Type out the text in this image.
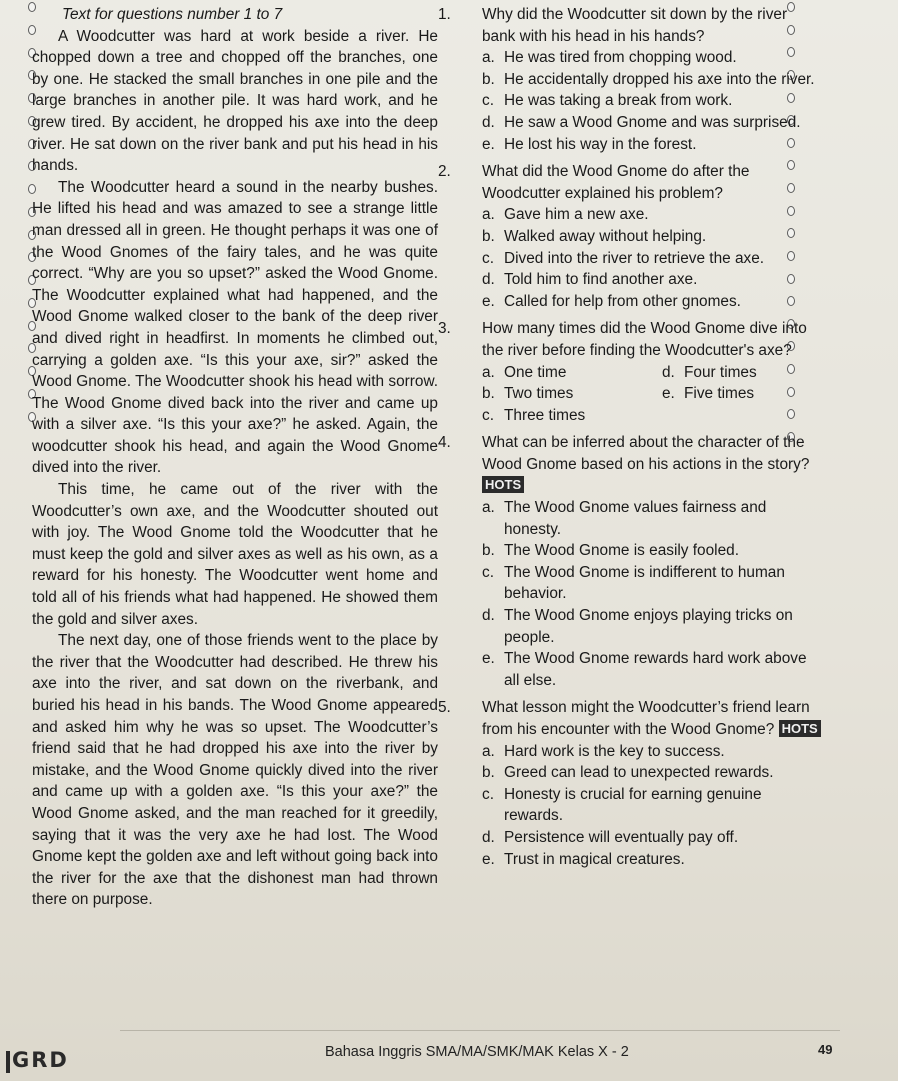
Text for questions number 1 to 7

A Woodcutter was hard at work beside a river. He chopped down a tree and chopped off the branches, one by one. He stacked the small branches in one pile and the large branches in another pile. It was hard work, and he grew tired. By accident, he dropped his axe into the deep river. He sat down on the river bank and put his head in his hands.

The Woodcutter heard a sound in the nearby bushes. He lifted his head and was amazed to see a strange little man dressed all in green. He thought perhaps it was one of the Wood Gnomes of the fairy tales, and he was quite correct. “Why are you so upset?” asked the Wood Gnome. The Woodcutter explained what had happened, and the Wood Gnome walked closer to the bank of the deep river and dived right in headfirst. In moments he climbed out, carrying a golden axe. “Is this your axe, sir?” asked the Wood Gnome. The Woodcutter shook his head with sorrow. The Wood Gnome dived back into the river and came up with a silver axe. “Is this your axe?” he asked. Again, the woodcutter shook his head, and again the Wood Gnome dived into the river.

This time, he came out of the river with the Woodcutter’s own axe, and the Woodcutter shouted out with joy. The Wood Gnome told the Woodcutter that he must keep the gold and silver axes as well as his own, as a reward for his honesty. The Woodcutter went home and told all of his friends what had happened. He showed them the gold and silver axes.

The next day, one of those friends went to the place by the river that the Woodcutter had described. He threw his axe into the river, and sat down on the riverbank, and buried his head in his bands. The Wood Gnome appeared and asked him why he was so upset. The Woodcutter’s friend said that he had dropped his axe into the river by mistake, and the Wood Gnome quickly dived into the river and came up with a golden axe. “Is this your axe?” the Wood Gnome asked, and the man reached for it greedily, saying that it was the very axe he had lost. The Wood Gnome kept the golden axe and left without going back into the river for the axe that the dishonest man had thrown there on purpose.

1.	Why did the Woodcutter sit down by the river bank with his head in his hands?

a. He was tired from chopping wood.

b. He accidentally dropped his axe into the river.

c. He was taking a break from work.

d. He saw a Wood Gnome and was surprised.

e. He lost his way in the forest.

2.	What did the Wood Gnome do after the Woodcutter explained his problem?

a. Gave him a new axe.

b. Walked away without helping.

c. Dived into the river to retrieve the axe.

d. Told him to find another axe.

e. Called for help from other gnomes.

3.	How many times did the Wood Gnome dive into the river before finding the Woodcutter's axe?

a. One time	d. Four times

b. Two times	e. Five times

c. Three times

4.	What can be inferred about the character of the Wood Gnome based on his actions in the story? HOTS

a. The Wood Gnome values fairness and honesty.

b. The Wood Gnome is easily fooled.

c. The Wood Gnome is indifferent to human behavior.

d. The Wood Gnome enjoys playing tricks on people.

e. The Wood Gnome rewards hard work above all else.

5.	What lesson might the Woodcutter’s friend learn from his encounter with the Wood Gnome? HOTS

a. Hard work is the key to success.

b. Greed can lead to unexpected rewards.

c. Honesty is crucial for earning genuine rewards.

d. Persistence will eventually pay off.

e. Trust in magical creatures.

GRD	Bahasa Inggris SMA/MA/SMK/MAK Kelas X - 2	49
